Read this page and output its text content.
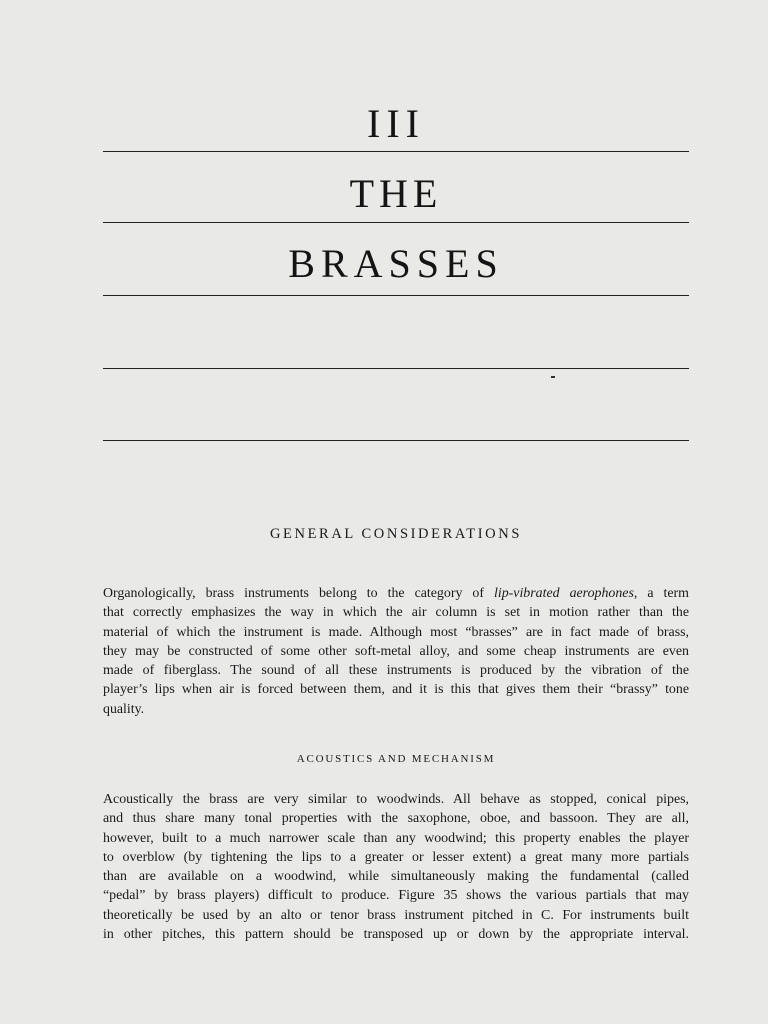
III
THE
BRASSES
GENERAL CONSIDERATIONS
Organologically, brass instruments belong to the category of lip-vibrated aerophones, a term
that correctly emphasizes the way in which the air column is set in motion rather than the
material of which the instrument is made. Although most “brasses” are in fact made of brass,
they may be constructed of some other soft-metal alloy, and some cheap instruments are even
made of fiberglass. The sound of all these instruments is produced by the vibration of the
player’s lips when air is forced between them, and it is this that gives them their “brassy” tone
quality.
ACOUSTICS AND MECHANISM
Acoustically the brass are very similar to woodwinds. All behave as stopped, conical pipes,
and thus share many tonal properties with the saxophone, oboe, and bassoon. They are all,
however, built to a much narrower scale than any woodwind; this property enables the player
to overblow (by tightening the lips to a greater or lesser extent) a great many more partials
than are available on a woodwind, while simultaneously making the fundamental (called
“pedal” by brass players) difficult to produce. Figure 35 shows the various partials that may
theoretically be used by an alto or tenor brass instrument pitched in C. For instruments built
in other pitches, this pattern should be transposed up or down by the appropriate interval.
